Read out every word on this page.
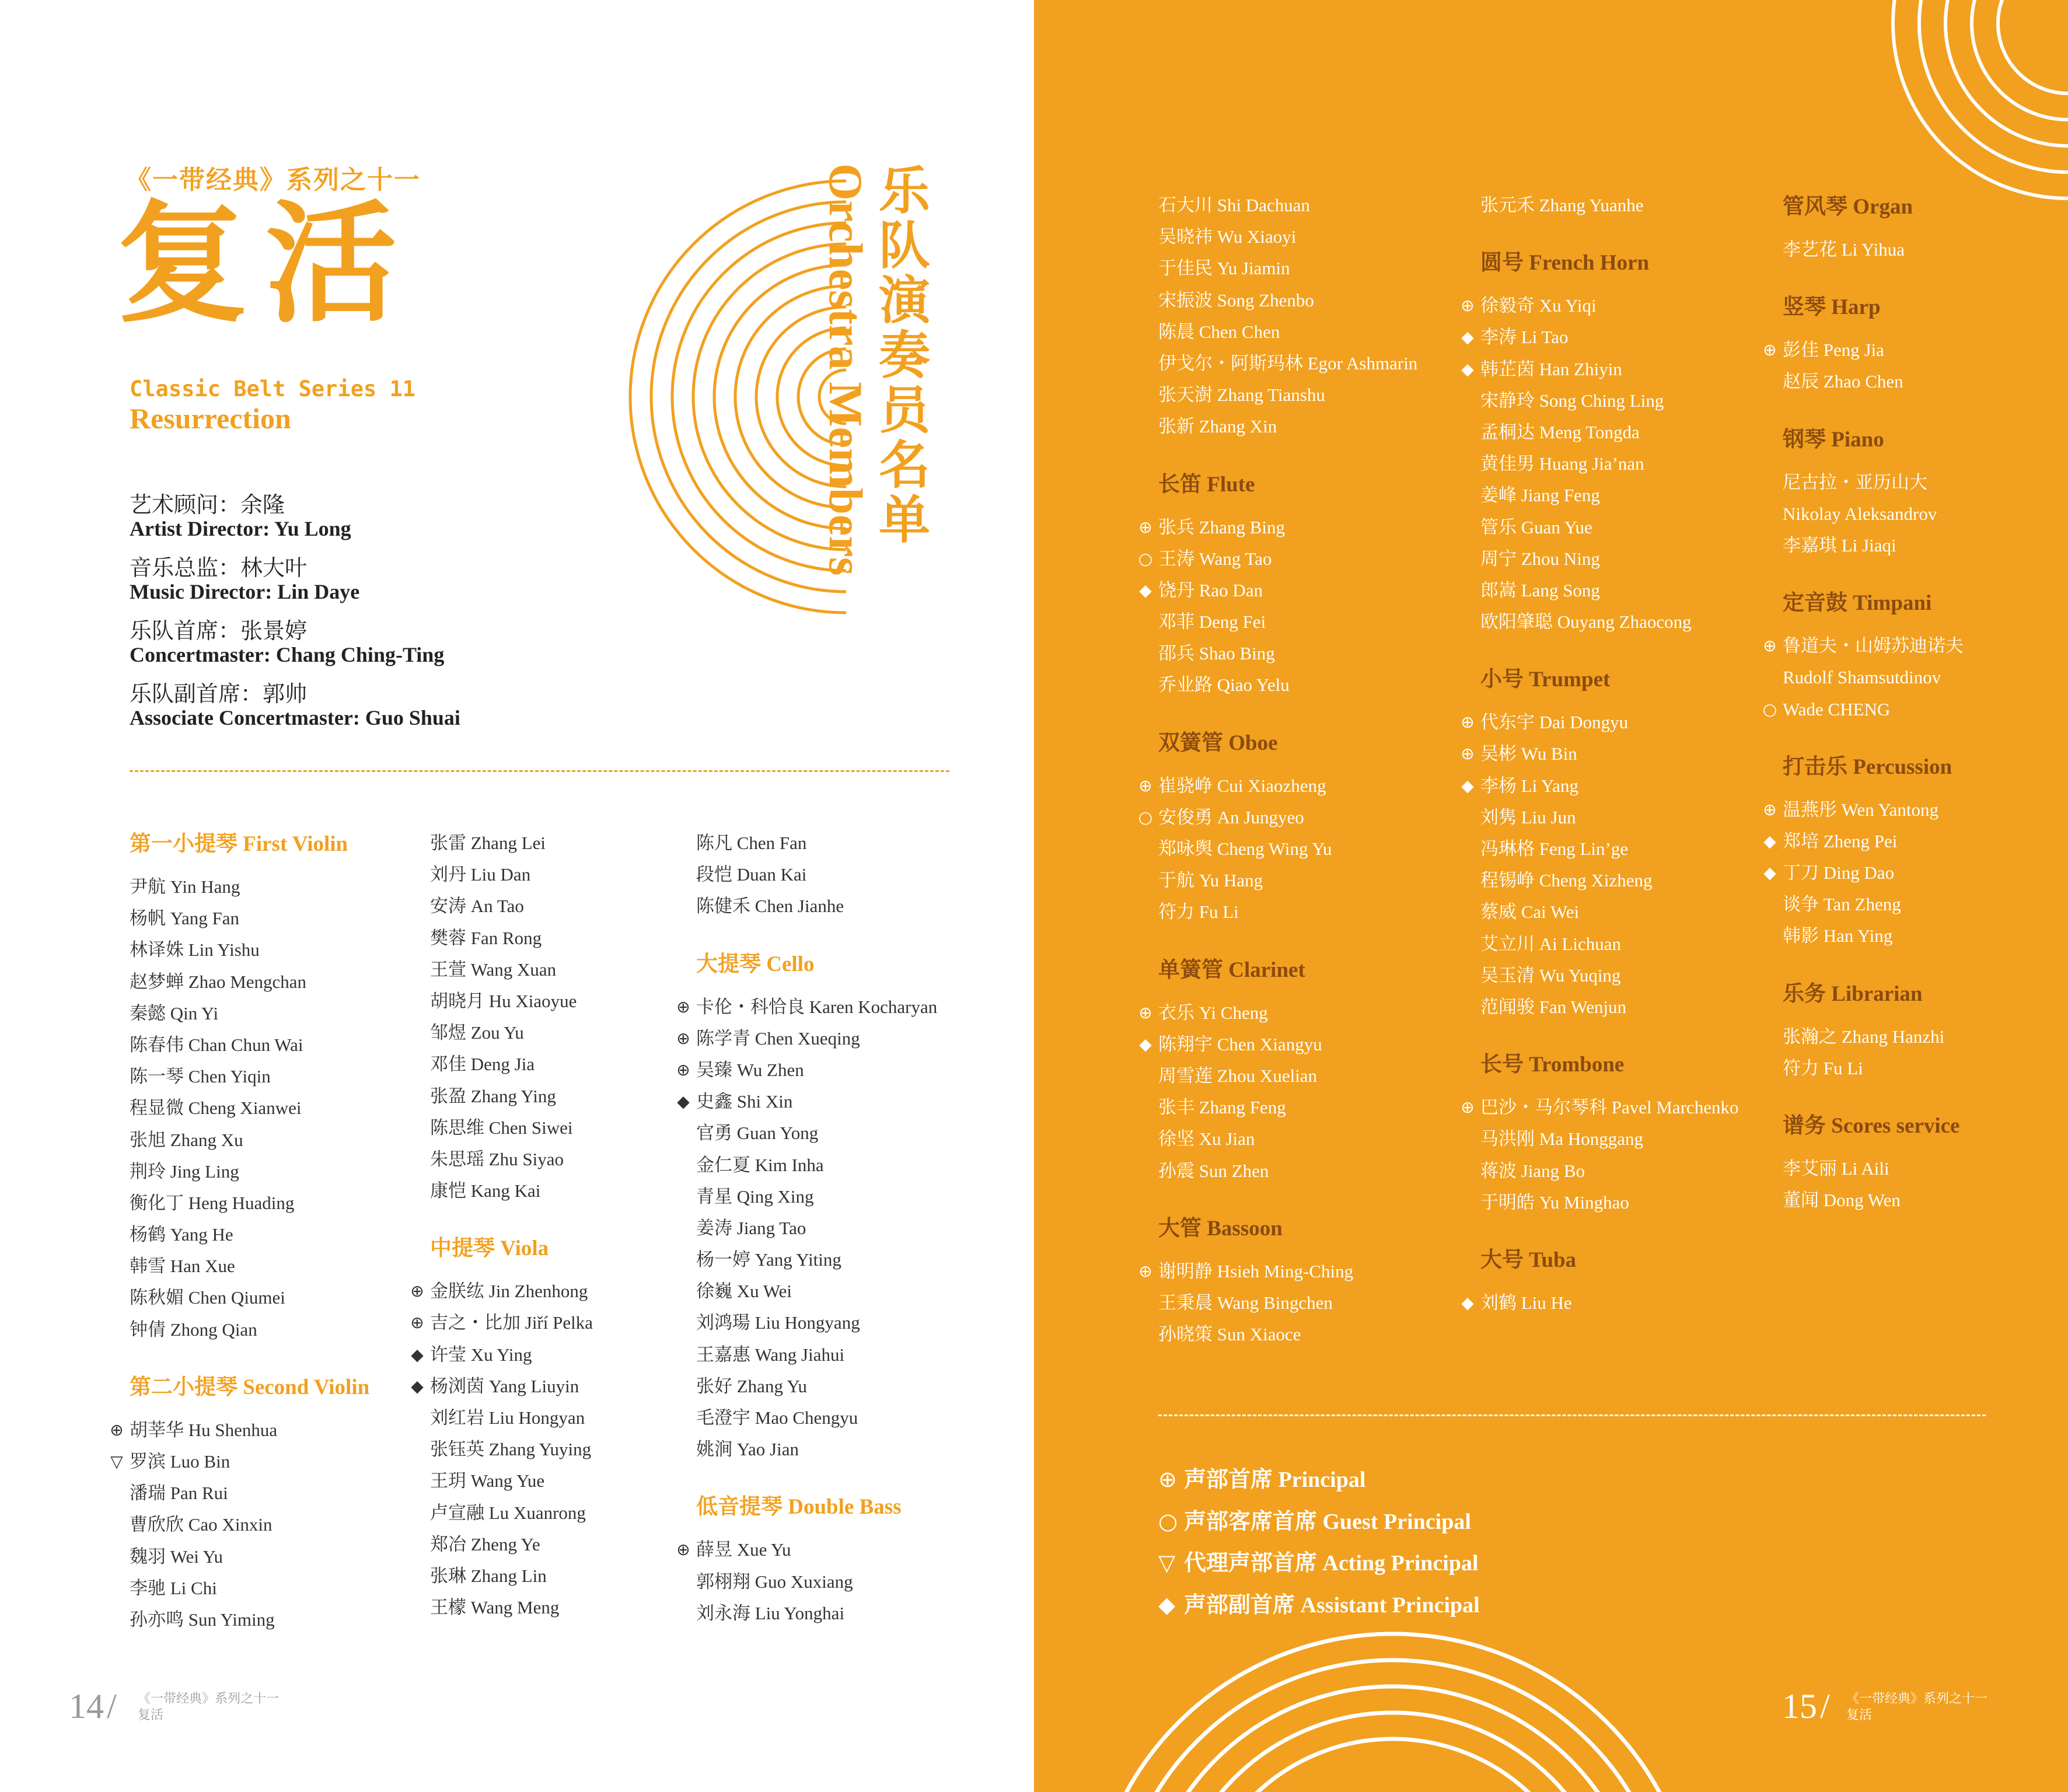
《一带经典》系列之十一
复活
Classic Belt Series 11
Resurrection
艺术顾问：余隆
Artist Director: Yu Long
音乐总监：林大叶
Music Director: Lin Daye
乐队首席：张景婷
Concertmaster: Chang Ching-Ting
乐队副首席：郭帅
Associate Concertmaster: Guo Shuai
乐队演奏员名单
Orchestra Members
第一小提琴 First Violin
尹航 Yin Hang
杨帆 Yang Fan
林译姝 Lin Yishu
赵梦蝉 Zhao Mengchan
秦懿 Qin Yi
陈春伟 Chan Chun Wai
陈一琴 Chen Yiqin
程显微 Cheng Xianwei
张旭 Zhang Xu
荆玲 Jing Ling
衡化丁 Heng Huading
杨鹤 Yang He
韩雪 Han Xue
陈秋媚 Chen Qiumei
钟倩 Zhong Qian
第二小提琴 Second Violin
⊕ 胡莘华 Hu Shenhua
▽ 罗滨 Luo Bin
潘瑞 Pan Rui
曹欣欣 Cao Xinxin
魏羽 Wei Yu
李驰 Li Chi
孙亦鸣 Sun Yiming
张雷 Zhang Lei
刘丹 Liu Dan
安涛 An Tao
樊蓉 Fan Rong
王萱 Wang Xuan
胡晓月 Hu Xiaoyue
邹煜 Zou Yu
邓佳 Deng Jia
张盈 Zhang Ying
陈思维 Chen Siwei
朱思瑶 Zhu Siyao
康恺 Kang Kai
中提琴 Viola
⊕ 金朕纮 Jin Zhenhong
⊕ 吉之・比加 Jiří Pelka
◆ 许莹 Xu Ying
◆ 杨浏茵 Yang Liuyin
刘红岩 Liu Hongyan
张钰英 Zhang Yuying
王玥 Wang Yue
卢宣融 Lu Xuanrong
郑冶 Zheng Ye
张琳 Zhang Lin
王檬 Wang Meng
陈凡 Chen Fan
段恺 Duan Kai
陈健禾 Chen Jianhe
大提琴 Cello
⊕ 卡伦・科恰良 Karen Kocharyan
⊕ 陈学青 Chen Xueqing
⊕ 吴臻 Wu Zhen
◆ 史鑫 Shi Xin
官勇 Guan Yong
金仁夏 Kim Inha
青星 Qing Xing
姜涛 Jiang Tao
杨一婷 Yang Yiting
徐巍 Xu Wei
刘鸿瑒 Liu Hongyang
王嘉惠 Wang Jiahui
张好 Zhang Yu
毛澄宇 Mao Chengyu
姚涧 Yao Jian
低音提琴 Double Bass
⊕ 薛昱 Xue Yu
郭栩翔 Guo Xuxiang
刘永海 Liu Yonghai
14 / 《一带经典》系列之十一
复活
石大川 Shi Dachuan
吴晓祎 Wu Xiaoyi
于佳民 Yu Jiamin
宋振波 Song Zhenbo
陈晨 Chen Chen
伊戈尔・阿斯玛林 Egor Ashmarin
张天澍 Zhang Tianshu
张新 Zhang Xin
长笛 Flute
⊕ 张兵 Zhang Bing
○ 王涛 Wang Tao
◆ 饶丹 Rao Dan
邓菲 Deng Fei
邵兵 Shao Bing
乔业路 Qiao Yelu
双簧管 Oboe
⊕ 崔骁峥 Cui Xiaozheng
○ 安俊勇 An Jungyeo
郑咏舆 Cheng Wing Yu
于航 Yu Hang
符力 Fu Li
单簧管 Clarinet
⊕ 衣乐 Yi Cheng
◆ 陈翔宇 Chen Xiangyu
周雪莲 Zhou Xuelian
张丰 Zhang Feng
徐坚 Xu Jian
孙震 Sun Zhen
大管 Bassoon
⊕ 谢明静 Hsieh Ming-Ching
王秉晨 Wang Bingchen
孙晓策 Sun Xiaoce
张元禾 Zhang Yuanhe
圆号 French Horn
⊕ 徐毅奇 Xu Yiqi
◆ 李涛 Li Tao
◆ 韩芷茵 Han Zhiyin
宋静玲 Song Ching Ling
孟桐达 Meng Tongda
黄佳男 Huang Jia’nan
姜峰 Jiang Feng
管乐 Guan Yue
周宁 Zhou Ning
郎嵩 Lang Song
欧阳肇聪 Ouyang Zhaocong
小号 Trumpet
⊕ 代东宇 Dai Dongyu
⊕ 吴彬 Wu Bin
◆ 李杨 Li Yang
刘隽 Liu Jun
冯琳格 Feng Lin’ge
程锡峥 Cheng Xizheng
蔡威 Cai Wei
艾立川 Ai Lichuan
吴玉清 Wu Yuqing
范闻骏 Fan Wenjun
长号 Trombone
⊕ 巴沙・马尔琴科 Pavel Marchenko
马洪刚 Ma Honggang
蒋波 Jiang Bo
于明皓 Yu Minghao
大号 Tuba
◆ 刘鹤 Liu He
管风琴 Organ
李艺花 Li Yihua
竖琴 Harp
⊕ 彭佳 Peng Jia
赵辰 Zhao Chen
钢琴 Piano
尼古拉・亚历山大
Nikolay Aleksandrov
李嘉琪 Li Jiaqi
定音鼓 Timpani
⊕ 鲁道夫・山姆苏迪诺夫
Rudolf Shamsutdinov
○ Wade CHENG
打击乐 Percussion
⊕ 温燕彤 Wen Yantong
◆ 郑培 Zheng Pei
◆ 丁刀 Ding Dao
谈争 Tan Zheng
韩影 Han Ying
乐务 Librarian
张瀚之 Zhang Hanzhi
符力 Fu Li
谱务 Scores service
李艾丽 Li Aili
董闻 Dong Wen
⊕ 声部首席 Principal
○ 声部客席首席 Guest Principal
▽ 代理声部首席 Acting Principal
◆ 声部副首席 Assistant Principal
15 / 《一带经典》系列之十一
复活
